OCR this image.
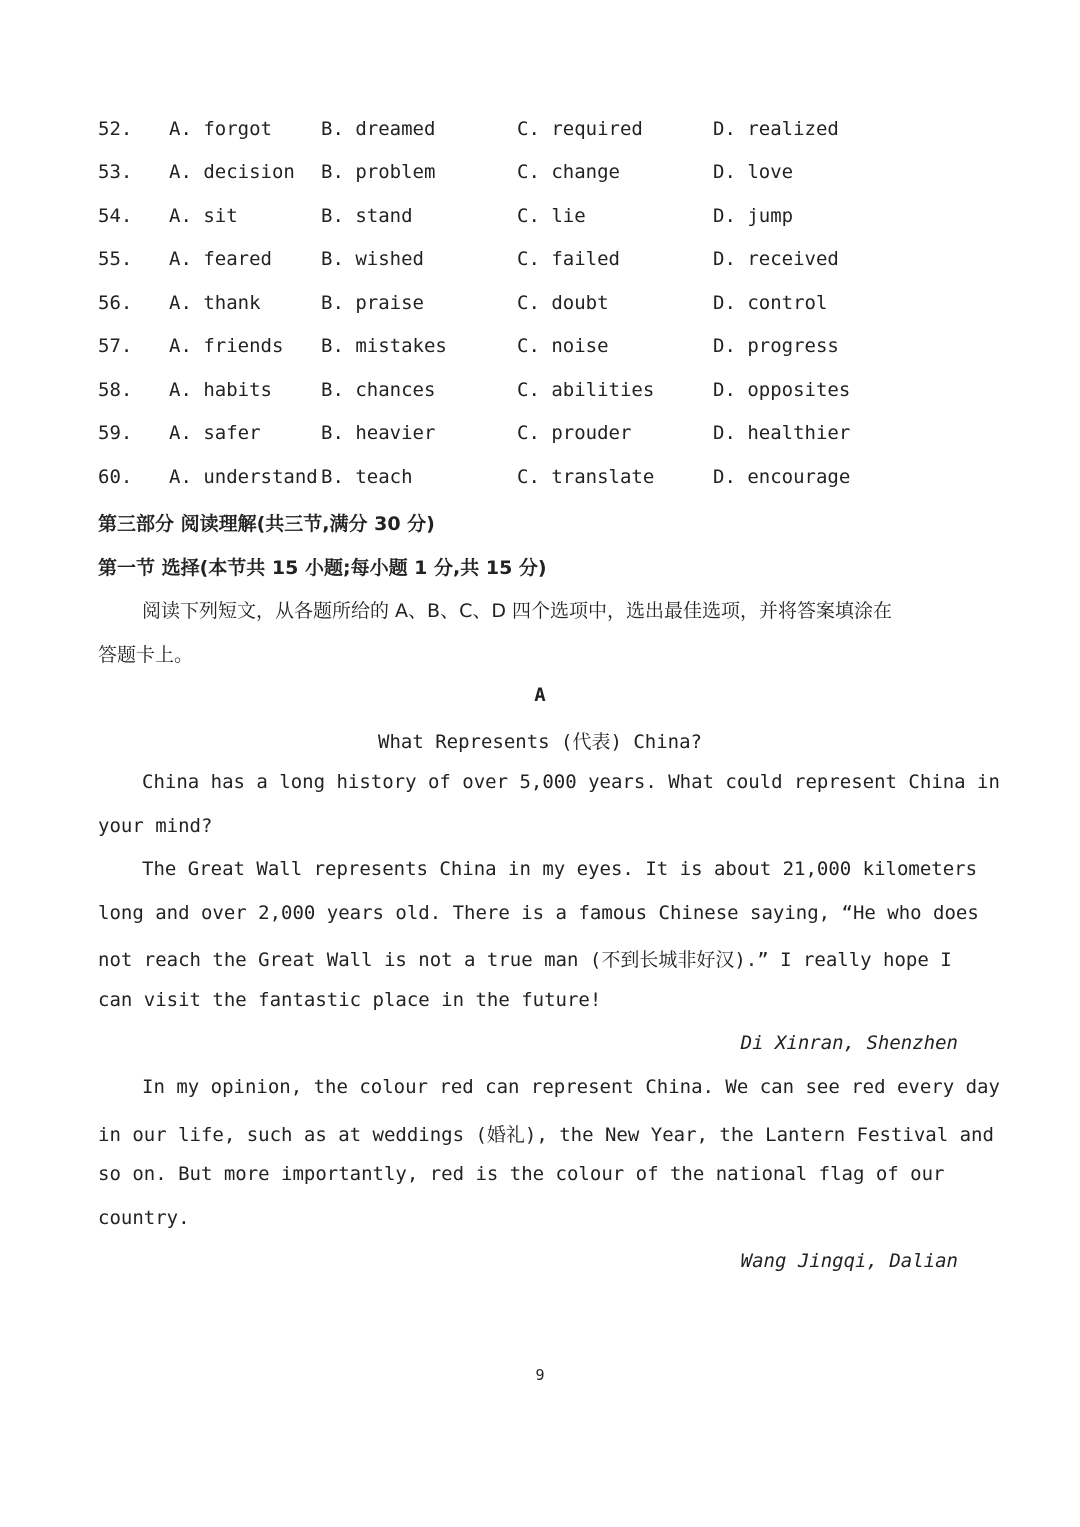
52. A. forgot	B. dreamed	C. required	D. realized
53. A. decision B. problem	C. change	D. love
54. A. sit	B. stand	C. lie	D. jump
55. A. feared	B. wished	C. failed	D. received
56. A. thank	B. praise	C. doubt	D. control
57. A. friends B. mistakes	C. noise	D. progress
58. A. habits	B. chances	C. abilities	D. opposites
59. A. safer	B. heavier	C. prouder	D. healthier
60. A. understand B. teach	C. translate	D. encourage
第三部分 阅读理解(共三节,满分 30 分)
第一节 选择(本节共 15 小题;每小题 1 分,共 15 分)
阅读下列短文，从各题所给的 A、B、C、D 四个选项中，选出最佳选项，并将答案填涂在
答题卡上。
A
What Represents (代表) China?
China has a long history of over 5,000 years. What could represent China in
your mind?
The Great Wall represents China in my eyes. It is about 21,000 kilometers
long and over 2,000 years old. There is a famous Chinese saying, “He who does
not reach the Great Wall is not a true man (不到长城非好汉).” I really hope I
can visit the fantastic place in the future!
Di Xinran, Shenzhen
In my opinion, the colour red can represent China. We can see red every day
in our life, such as at weddings (婚礼), the New Year, the Lantern Festival and
so on. But more importantly, red is the colour of the national flag of our
country.
Wang Jingqi, Dalian
9
